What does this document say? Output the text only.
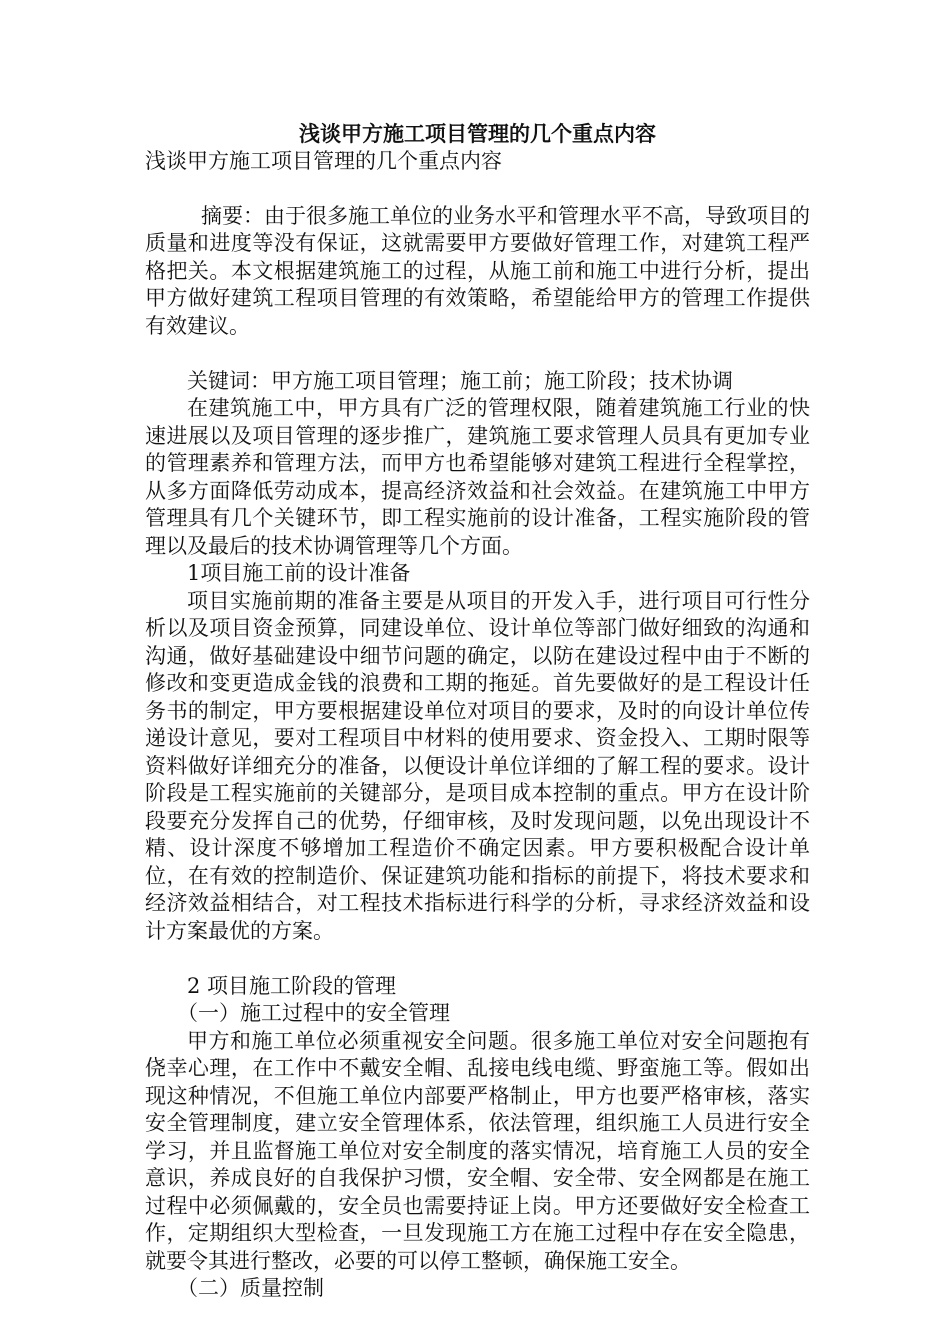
浅谈甲方施工项目管理的几个重点内容

浅谈甲方施工项目管理的几个重点内容

摘要：由于很多施工单位的业务水平和管理水平不高，导致项目的质量和进度等没有保证，这就需要甲方要做好管理工作，对建筑工程严格把关。本文根据建筑施工的过程，从施工前和施工中进行分析，提出甲方做好建筑工程项目管理的有效策略，希望能给甲方的管理工作提供有效建议。

关键词：甲方施工项目管理；施工前；施工阶段；技术协调

在建筑施工中，甲方具有广泛的管理权限，随着建筑施工行业的快速进展以及项目管理的逐步推广，建筑施工要求管理人员具有更加专业的管理素养和管理方法，而甲方也希望能够对建筑工程进行全程掌控，从多方面降低劳动成本，提高经济效益和社会效益。在建筑施工中甲方管理具有几个关键环节，即工程实施前的设计准备，工程实施阶段的管理以及最后的技术协调管理等几个方面。

1项目施工前的设计准备

项目实施前期的准备主要是从项目的开发入手，进行项目可行性分析以及项目资金预算，同建设单位、设计单位等部门做好细致的沟通和沟通，做好基础建设中细节问题的确定，以防在建设过程中由于不断的修改和变更造成金钱的浪费和工期的拖延。首先要做好的是工程设计任务书的制定，甲方要根据建设单位对项目的要求，及时的向设计单位传递设计意见，要对工程项目中材料的使用要求、资金投入、工期时限等资料做好详细充分的准备，以便设计单位详细的了解工程的要求。设计阶段是工程实施前的关键部分，是项目成本控制的重点。甲方在设计阶段要充分发挥自己的优势，仔细审核，及时发现问题，以免出现设计不精、设计深度不够增加工程造价不确定因素。甲方要积极配合设计单位，在有效的控制造价、保证建筑功能和指标的前提下，将技术要求和经济效益相结合，对工程技术指标进行科学的分析，寻求经济效益和设计方案最优的方案。

2 项目施工阶段的管理

（一）施工过程中的安全管理

甲方和施工单位必须重视安全问题。很多施工单位对安全问题抱有侥幸心理，在工作中不戴安全帽、乱接电线电缆、野蛮施工等。假如出现这种情况，不但施工单位内部要严格制止，甲方也要严格审核，落实安全管理制度，建立安全管理体系，依法管理，组织施工人员进行安全学习，并且监督施工单位对安全制度的落实情况，培育施工人员的安全意识，养成良好的自我保护习惯，安全帽、安全带、安全网都是在施工过程中必须佩戴的，安全员也需要持证上岗。甲方还要做好安全检查工作，定期组织大型检查，一旦发现施工方在施工过程中存在安全隐患，就要令其进行整改，必要的可以停工整顿，确保施工安全。

（二）质量控制
